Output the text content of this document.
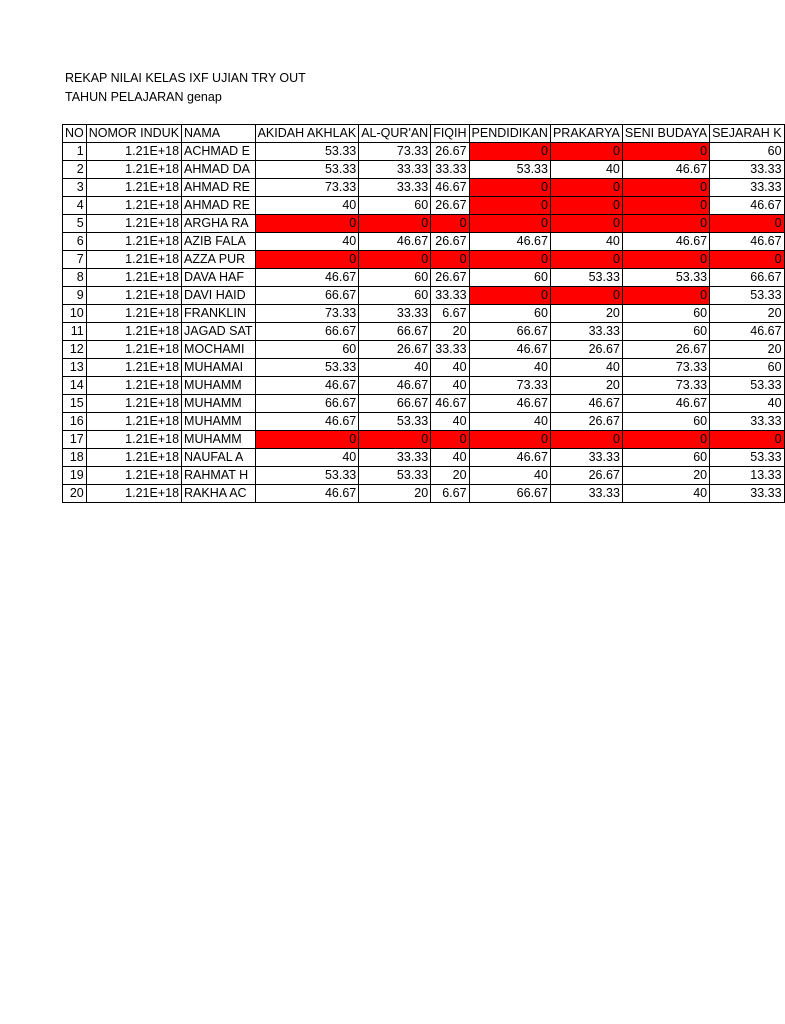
REKAP NILAI KELAS IXF UJIAN TRY OUT
TAHUN PELAJARAN genap
NO	NOMOR INDUK	NAMA	AKIDAH AKHLAK	AL-QUR'AN	FIQIH	PENDIDIKAN	PRAKARYA	SENI BUDAYA	SEJARAH K
1	1.21E+18	ACHMAD E	53.33	73.33	26.67	0	0	0	60
2	1.21E+18	AHMAD DA	53.33	33.33	33.33	53.33	40	46.67	33.33
3	1.21E+18	AHMAD RE	73.33	33.33	46.67	0	0	0	33.33
4	1.21E+18	AHMAD RE	40	60	26.67	0	0	0	46.67
5	1.21E+18	ARGHA RA	0	0	0	0	0	0	0
6	1.21E+18	AZIB FALA	40	46.67	26.67	46.67	40	46.67	46.67
7	1.21E+18	AZZA PUR	0	0	0	0	0	0	0
8	1.21E+18	DAVA HAF	46.67	60	26.67	60	53.33	53.33	66.67
9	1.21E+18	DAVI HAID	66.67	60	33.33	0	0	0	53.33
10	1.21E+18	FRANKLIN	73.33	33.33	6.67	60	20	60	20
11	1.21E+18	JAGAD SAT	66.67	66.67	20	66.67	33.33	60	46.67
12	1.21E+18	MOCHAMI	60	26.67	33.33	46.67	26.67	26.67	20
13	1.21E+18	MUHAMAI	53.33	40	40	40	40	73.33	60
14	1.21E+18	MUHAMM	46.67	46.67	40	73.33	20	73.33	53.33
15	1.21E+18	MUHAMM	66.67	66.67	46.67	46.67	46.67	46.67	40
16	1.21E+18	MUHAMM	46.67	53.33	40	40	26.67	60	33.33
17	1.21E+18	MUHAMM	0	0	0	0	0	0	0
18	1.21E+18	NAUFAL A	40	33.33	40	46.67	33.33	60	53.33
19	1.21E+18	RAHMAT H	53.33	53.33	20	40	26.67	20	13.33
20	1.21E+18	RAKHA AC	46.67	20	6.67	66.67	33.33	40	33.33
